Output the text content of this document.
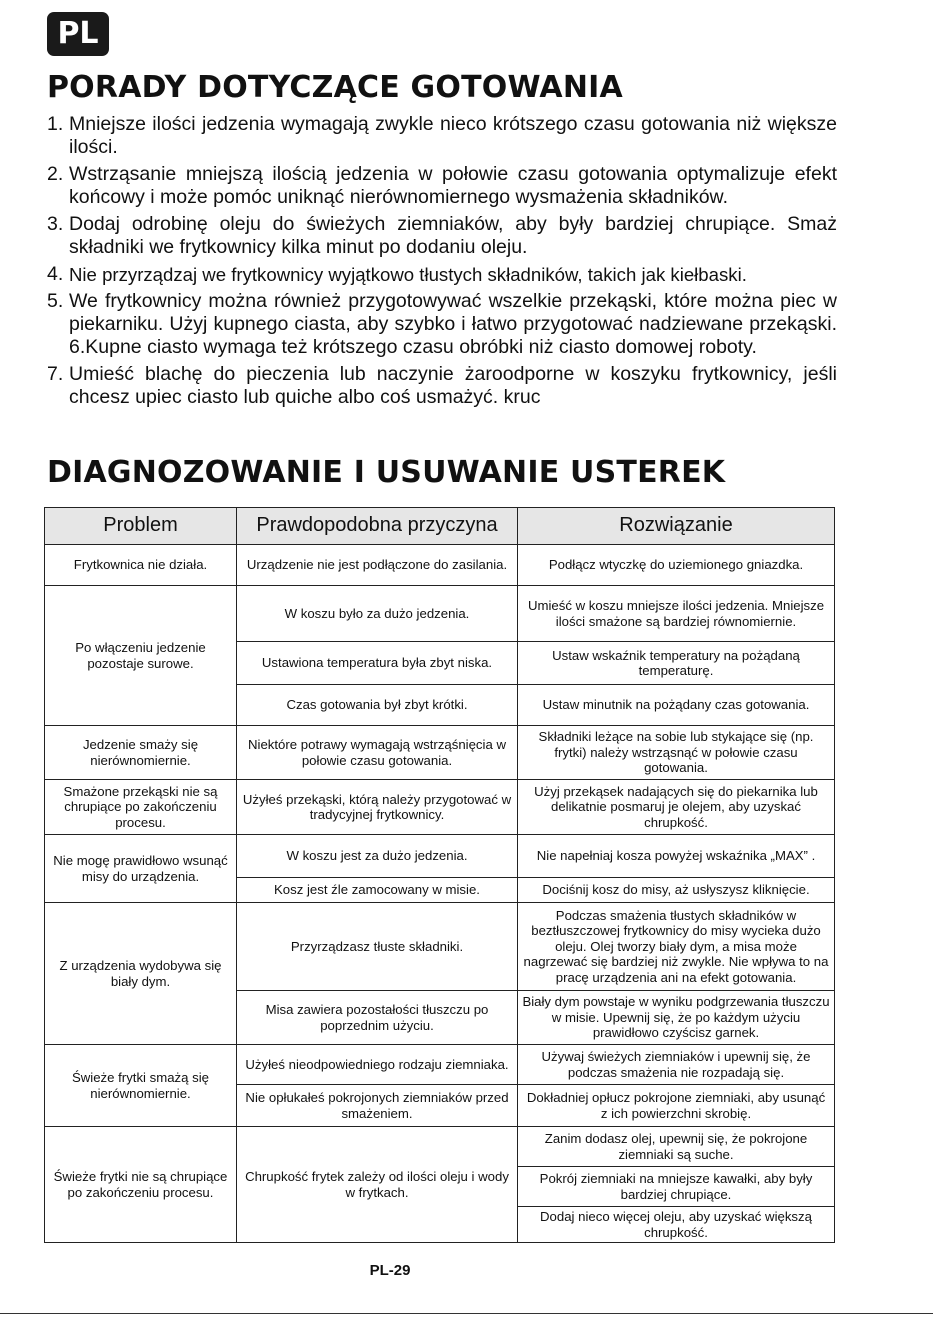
PL
PORADY DOTYCZĄCE GOTOWANIA
1. Mniejsze ilości jedzenia wymagają zwykle nieco krótszego czasu gotowania niż większe ilości.
2. Wstrząsanie mniejszą ilością jedzenia w połowie czasu gotowania optymalizuje efekt końcowy i może pomóc uniknąć nierównomiernego wysmażenia składników.
3. Dodaj odrobinę oleju do świeżych ziemniaków, aby były bardziej chrupiące. Smaż składniki we frytkownicy kilka minut po dodaniu oleju.
4. Nie przyrządzaj we frytkownicy wyjątkowo tłustych składników, takich jak kiełbaski.
5. We frytkownicy można również przygotowywać wszelkie przekąski, które można piec w piekarniku. Użyj kupnego ciasta, aby szybko i łatwo przygotować nadziewane przekąski. 6.Kupne ciasto wymaga też krótszego czasu obróbki niż ciasto domowej roboty.
7. Umieść blachę do pieczenia lub naczynie żaroodporne w koszyku frytkownicy, jeśli chcesz upiec ciasto lub quiche albo coś usmażyć. kruc
DIAGNOZOWANIE I USUWANIE USTEREK
Problem	Prawdopodobna przyczyna	Rozwiązanie
Frytkownica nie działa.	Urządzenie nie jest podłączone do zasilania.	Podłącz wtyczkę do uziemionego gniazdka.
Po włączeniu jedzenie pozostaje surowe.	W koszu było za dużo jedzenia.	Umieść w koszu mniejsze ilości jedzenia. Mniejsze ilości smażone są bardziej równomiernie.
	Ustawiona temperatura była zbyt niska.	Ustaw wskaźnik temperatury na pożądaną temperaturę.
	Czas gotowania był zbyt krótki.	Ustaw minutnik na pożądany czas gotowania.
Jedzenie smaży się nierównomiernie.	Niektóre potrawy wymagają wstrząśnięcia w połowie czasu gotowania.	Składniki leżące na sobie lub stykające się (np. frytki) należy wstrząsnąć w połowie czasu gotowania.
Smażone przekąski nie są chrupiące po zakończeniu procesu.	Użyłeś przekąski, którą należy przygotować w tradycyjnej frytkownicy.	Użyj przekąsek nadających się do piekarnika lub delikatnie posmaruj je olejem, aby uzyskać chrupkość.
Nie mogę prawidłowo wsunąć misy do urządzenia.	W koszu jest za dużo jedzenia.	Nie napełniaj kosza powyżej wskaźnika „MAX” .
	Kosz jest źle zamocowany w misie.	Dociśnij kosz do misy, aż usłyszysz kliknięcie.
Z urządzenia wydobywa się biały dym.	Przyrządzasz tłuste składniki.	Podczas smażenia tłustych składników w beztłuszczowej frytkownicy do misy wycieka dużo oleju. Olej tworzy biały dym, a misa może nagrzewać się bardziej niż zwykle. Nie wpływa to na pracę urządzenia ani na efekt gotowania.
	Misa zawiera pozostałości tłuszczu po poprzednim użyciu.	Biały dym powstaje w wyniku podgrzewania tłuszczu w misie. Upewnij się, że po każdym użyciu prawidłowo czyścisz garnek.
Świeże frytki smażą się nierównomiernie.	Użyłeś nieodpowiedniego rodzaju ziemniaka.	Używaj świeżych ziemniaków i upewnij się, że podczas smażenia nie rozpadają się.
	Nie opłukałeś pokrojonych ziemniaków przed smażeniem.	Dokładniej opłucz pokrojone ziemniaki, aby usunąć z ich powierzchni skrobię.
Świeże frytki nie są chrupiące po zakończeniu procesu.	Chrupkość frytek zależy od ilości oleju i wody w frytkach.	Zanim dodasz olej, upewnij się, że pokrojone ziemniaki są suche.
		Pokrój ziemniaki na mniejsze kawałki, aby były bardziej chrupiące.
		Dodaj nieco więcej oleju, aby uzyskać większą chrupkość.
PL-29
